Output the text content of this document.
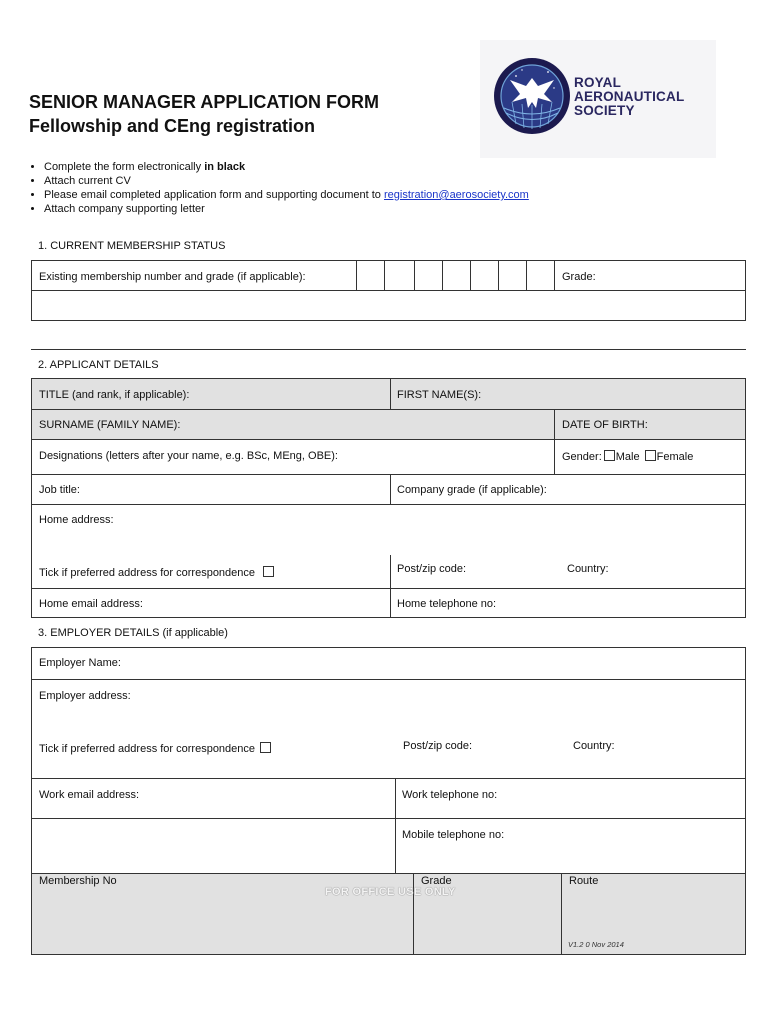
SENIOR MANAGER APPLICATION FORM
Fellowship and CEng registration
ROYAL
AERONAUTICAL
SOCIETY
• Complete the form electronically in black
• Attach current CV
• Please email completed application form and supporting document to registration@aerosociety.com
• Attach company supporting letter
1. CURRENT MEMBERSHIP STATUS
Existing membership number and grade (if applicable):	Grade:
2. APPLICANT DETAILS
TITLE (and rank, if applicable):	FIRST NAME(S):
SURNAME (FAMILY NAME):	DATE OF BIRTH:
Designations (letters after your name, e.g. BSc, MEng, OBE):	Gender: Male Female
Job title:	Company grade (if applicable):
Home address:
Tick if preferred address for correspondence	Post/zip code:	Country:
Home email address:	Home telephone no:
3. EMPLOYER DETAILS (if applicable)
Employer Name:
Employer address:
Tick if preferred address for correspondence	Post/zip code:	Country:
Work email address:	Work telephone no:
Mobile telephone no:
Membership No	Grade	Route
FOR OFFICE USE ONLY
V1.2 0 Nov 2014
